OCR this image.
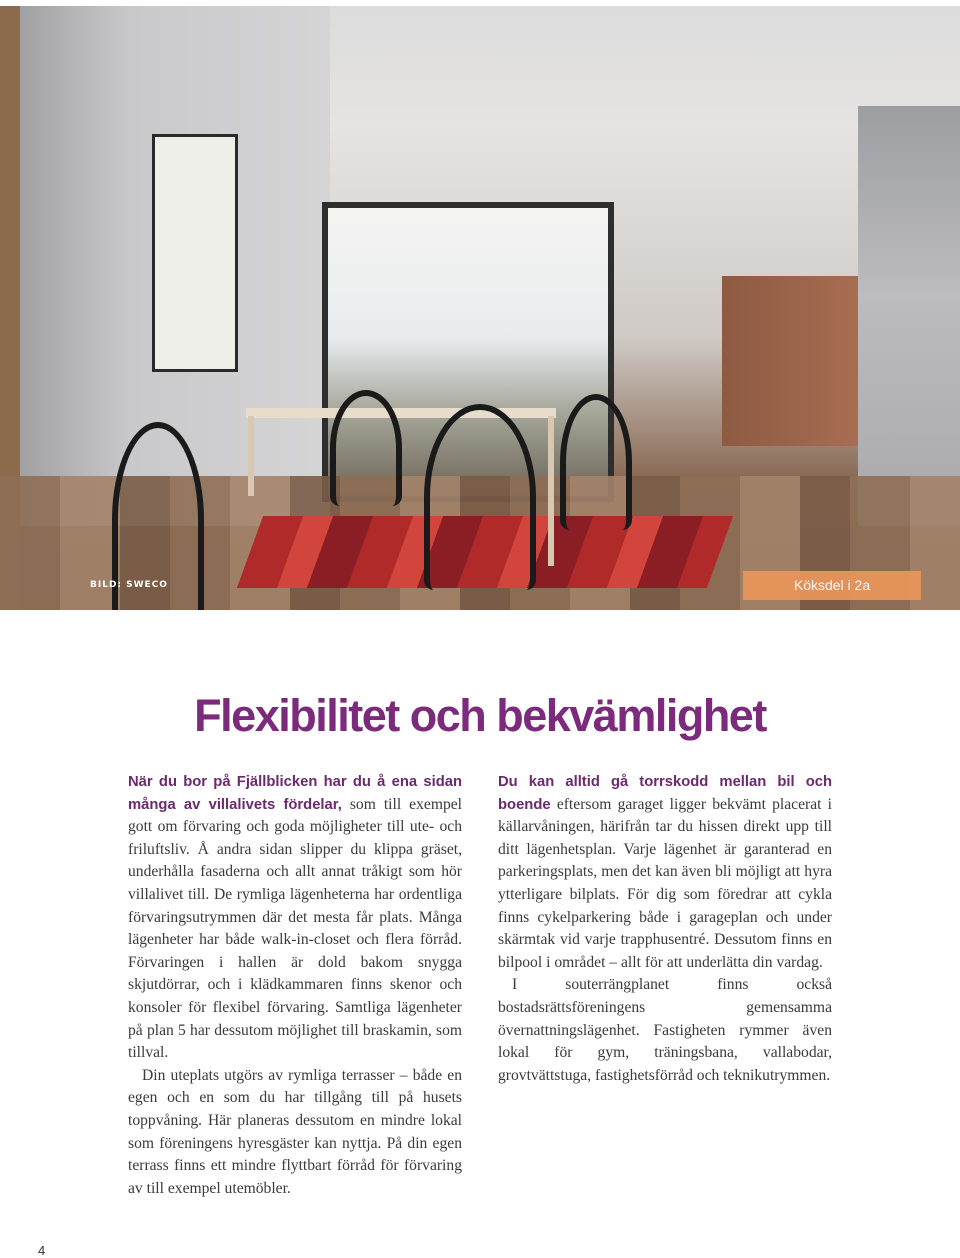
BILD: SWECO	Köksdel i 2a
Flexibilitet och bekvämlighet

När du bor på Fjällblicken har du å ena sidan många av villalivets fördelar, som till exempel gott om förvaring och goda möjligheter till ute- och friluftsliv. Å andra sidan slipper du klippa gräset, underhålla fasaderna och allt annat tråkigt som hör villalivet till. De rymliga lägenheterna har ordentliga förvaringsutrymmen där det mesta får plats. Många lägenheter har både walk-in-closet och flera förråd. Förvaringen i hallen är dold bakom snygga skjutdörrar, och i klädkammaren finns skenor och konsoler för flexibel förvaring. Samtliga lägenheter på plan 5 har dessutom möjlighet till braskamin, som tillval.

Din uteplats utgörs av rymliga terrasser – både en egen och en som du har tillgång till på husets toppvåning. Här planeras dessutom en mindre lokal som föreningens hyresgäster kan nyttja. På din egen terrass finns ett mindre flyttbart förråd för förvaring av till exempel utemöbler.

Du kan alltid gå torrskodd mellan bil och boende eftersom garaget ligger bekvämt placerat i källarvåningen, härifrån tar du hissen direkt upp till ditt lägenhetsplan. Varje lägenhet är garanterad en parkeringsplats, men det kan även bli möjligt att hyra ytterligare bilplats. För dig som föredrar att cykla finns cykelparkering både i garageplan och under skärmtak vid varje trapphusentré. Dessutom finns en bilpool i området – allt för att underlätta din vardag.

I souterrängplanet finns också bostadsrättsföreningens gemensamma övernattningslägenhet. Fastigheten rymmer även lokal för gym, träningsbana, vallabodar, grovtvättstuga, fastighetsförråd och teknikutrymmen.

4
